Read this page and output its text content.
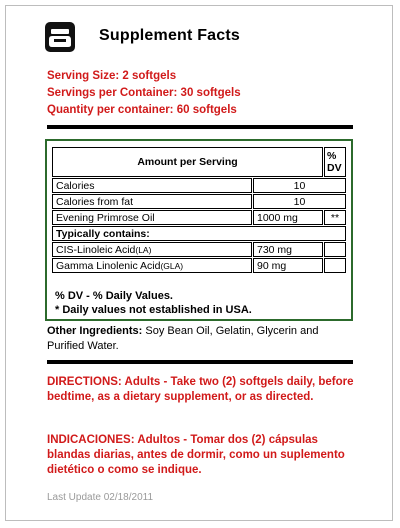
Supplement Facts
Serving Size: 2 softgels
Servings per Container: 30 softgels
Quantity per container: 60 softgels
Amount per Serving		%
DV
Calories	10	
Calories from fat	10	
Evening Primrose Oil	1000 mg	**
Typically contains:		
CIS-Linoleic Acid(LA)	730 mg	
Gamma Linolenic Acid(GLA)	90 mg	
% DV - % Daily Values.
* Daily values not established in USA.
Other Ingredients: Soy Bean Oil, Gelatin, Glycerin and Purified Water.
DIRECTIONS: Adults - Take two (2) softgels daily, before bedtime, as a dietary supplement, or as directed.
INDICACIONES: Adultos - Tomar dos (2) cápsulas blandas diarias, antes de dormir, como un suplemento dietético o como se indique.
Last Update 02/18/2011
